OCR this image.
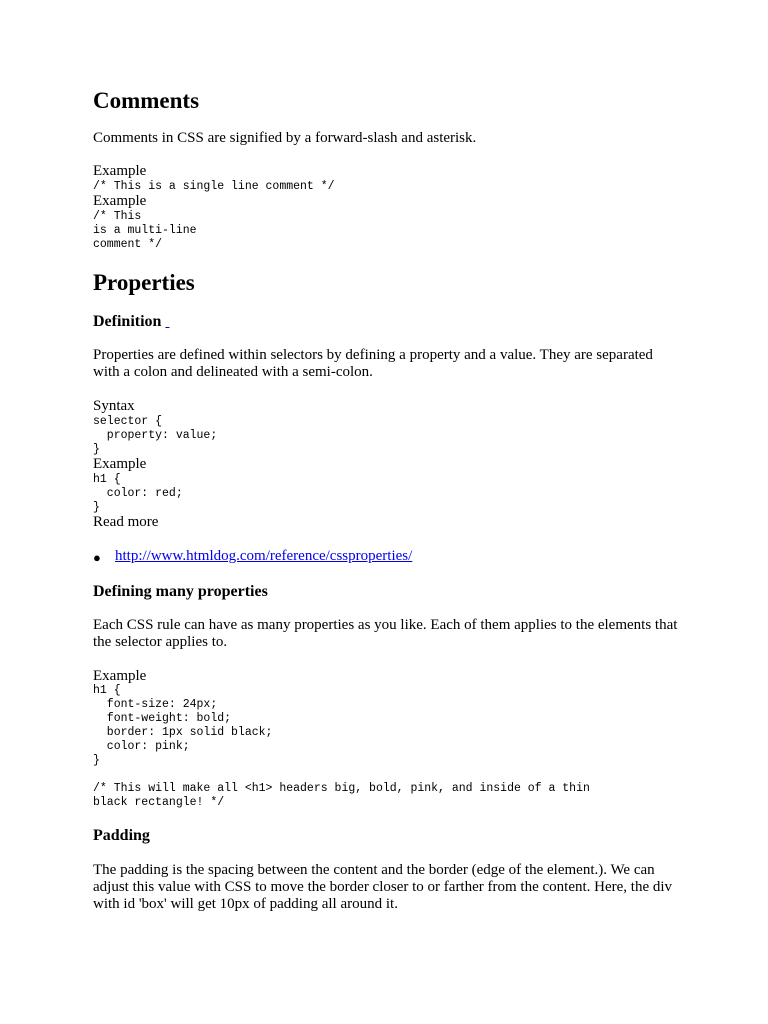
Comments

Comments in CSS are signified by a forward-slash and asterisk.

Example
/* This is a single line comment */
Example
/* This
is a multi-line
comment */
Properties
Definition

Properties are defined within selectors by defining a property and a value. They are separated with a colon and delineated with a semi-colon.

Syntax
selector {
property: value;
}
Example
h1 {
color: red;
}
Read more
● http://www.htmldog.com/reference/cssproperties/
Defining many properties

Each CSS rule can have as many properties as you like. Each of them applies to the elements that the selector applies to.

Example
h1 {
font-size: 24px;
font-weight: bold;
border: 1px solid black;
color: pink;
}

/* This will make all <h1> headers big, bold, pink, and inside of a thin
black rectangle! */
Padding

The padding is the spacing between the content and the border (edge of the element.). We can adjust this value with CSS to move the border closer to or farther from the content. Here, the div with id 'box' will get 10px of padding all around it.
